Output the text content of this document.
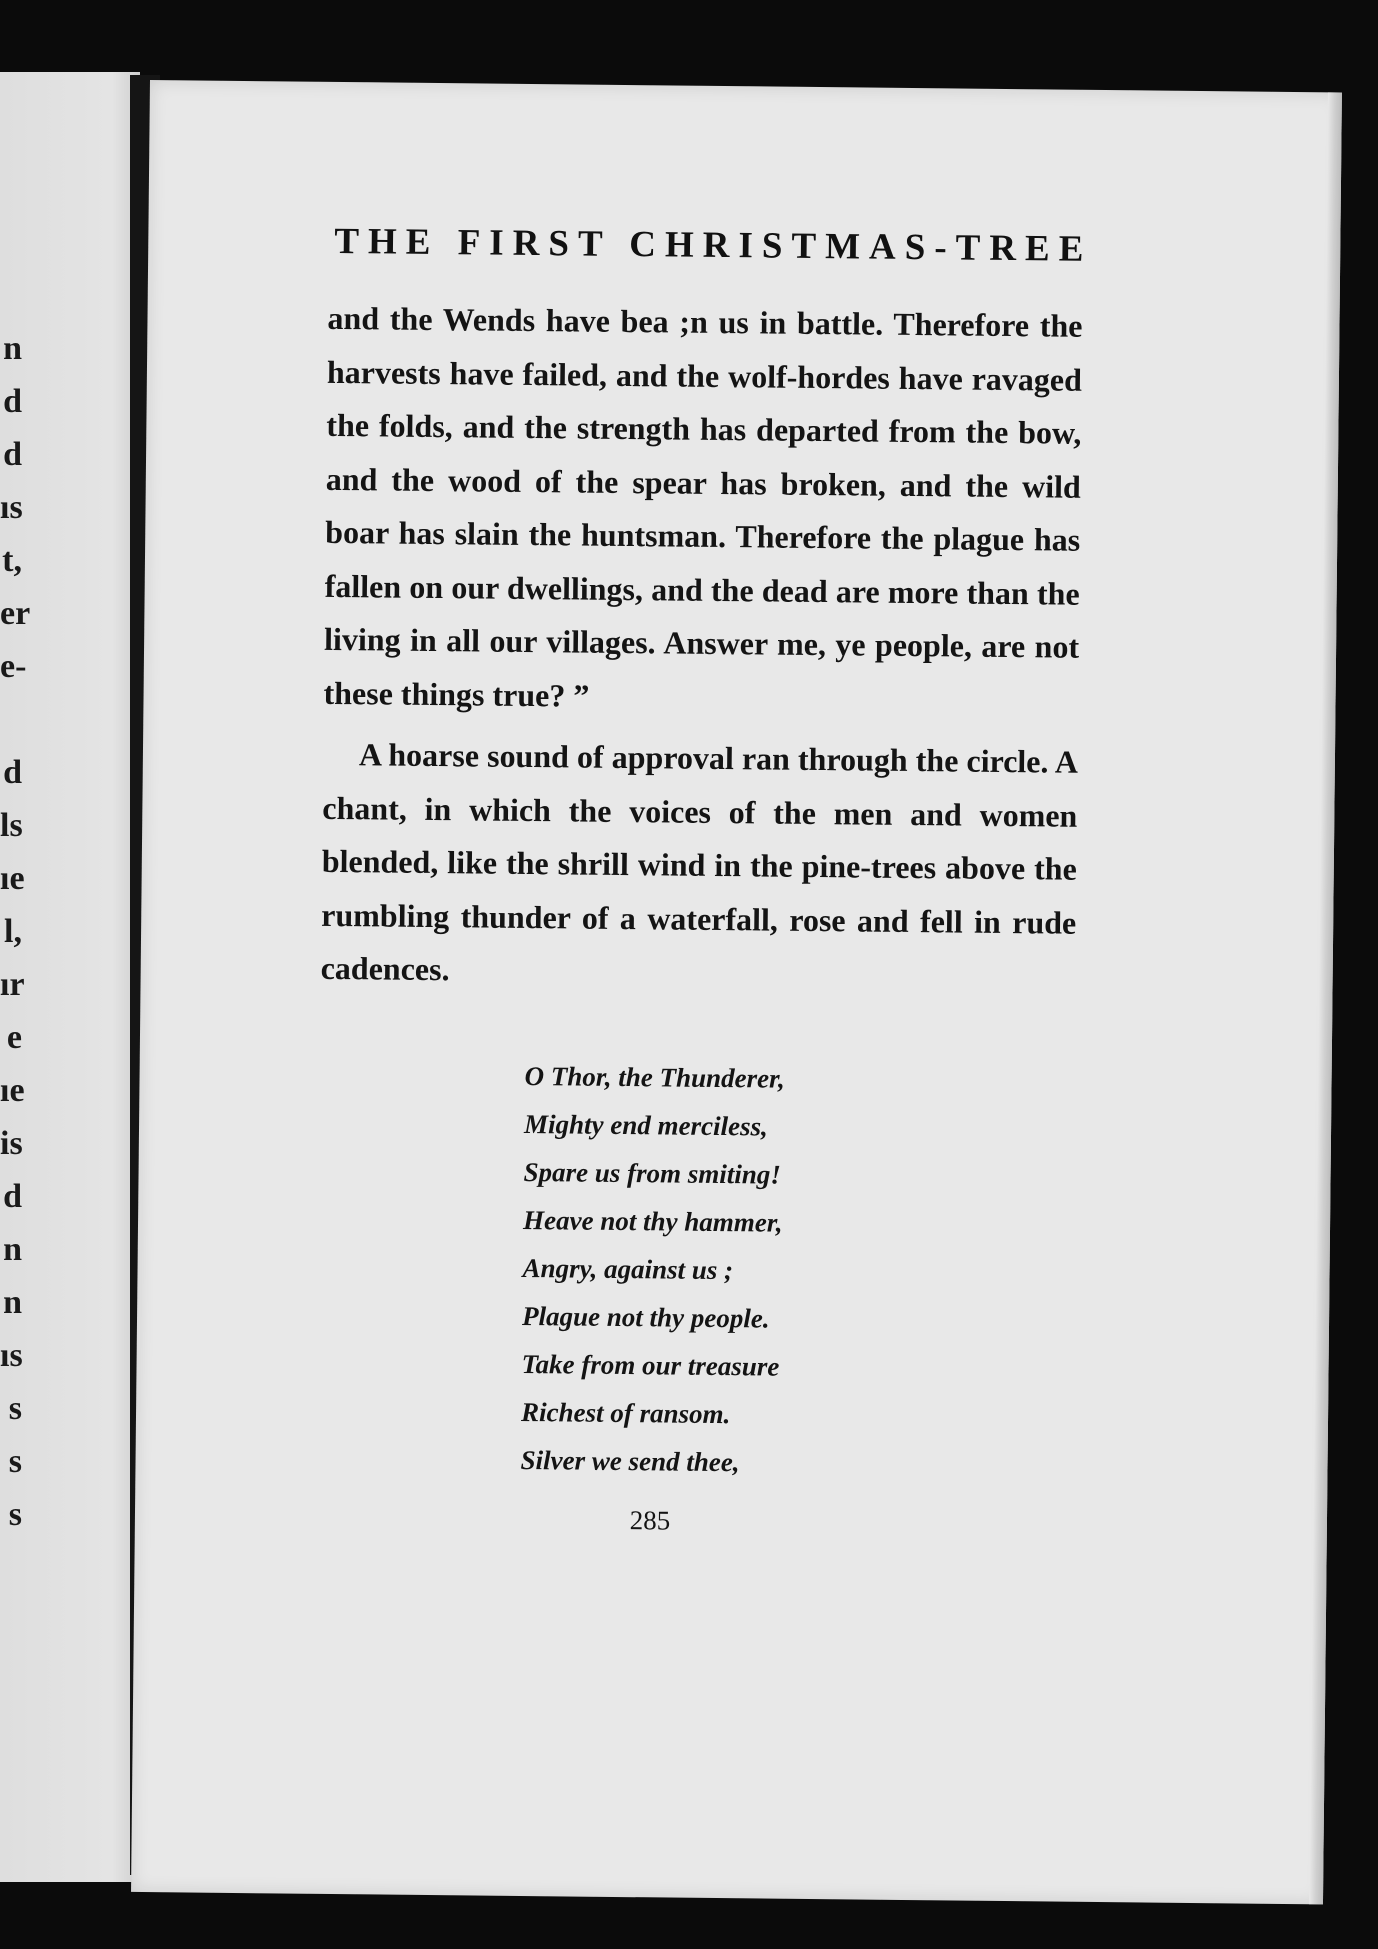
n
d
d
ıs
t,
er
e-
d
ls
ıe
l,
ır
e
ıe
is
d
n
n
ıs
s
s
s
THE FIRST CHRISTMAS-TREE

and the Wends have bea ;n us in battle. Therefore the harvests have failed, and the wolf-hordes have ravaged the folds, and the strength has departed from the bow, and the wood of the spear has broken, and the wild boar has slain the huntsman. Therefore the plague has fallen on our dwellings, and the dead are more than the living in all our villages. Answer me, ye people, are not these things true? ”

A hoarse sound of approval ran through the circle. A chant, in which the voices of the men and women blended, like the shrill wind in the pine-trees above the rumbling thunder of a waterfall, rose and fell in rude cadences.

O Thor, the Thunderer,
Mighty end merciless,
Spare us from smiting!
Heave not thy hammer,
Angry, against us ;
Plague not thy people.
Take from our treasure
Richest of ransom.
Silver we send thee,
285
